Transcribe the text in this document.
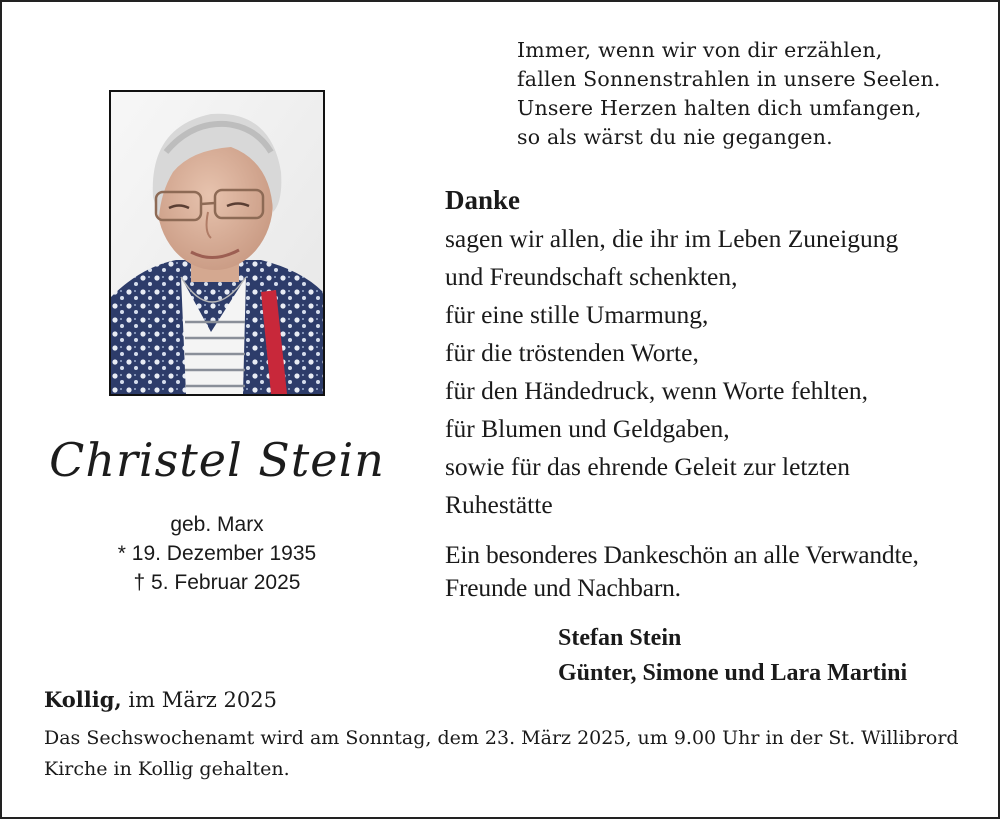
Immer, wenn wir von dir erzählen,
fallen Sonnenstrahlen in unsere Seelen.
Unsere Herzen halten dich umfangen,
so als wärst du nie gegangen.
Christel Stein
geb. Marx
* 19. Dezember 1935
† 5. Februar 2025
Danke
sagen wir allen, die ihr im Leben Zuneigung
und Freundschaft schenkten,
für eine stille Umarmung,
für die tröstenden Worte,
für den Händedruck, wenn Worte fehlten,
für Blumen und Geldgaben,
sowie für das ehrende Geleit zur letzten
Ruhestätte
Ein besonderes Dankeschön an alle Verwandte,
Freunde und Nachbarn.
Stefan Stein
Günter, Simone und Lara Martini
Kollig, im März 2025
Das Sechswochenamt wird am Sonntag, dem 23. März 2025, um 9.00 Uhr in der St. Willibrord Kirche in Kollig gehalten.
